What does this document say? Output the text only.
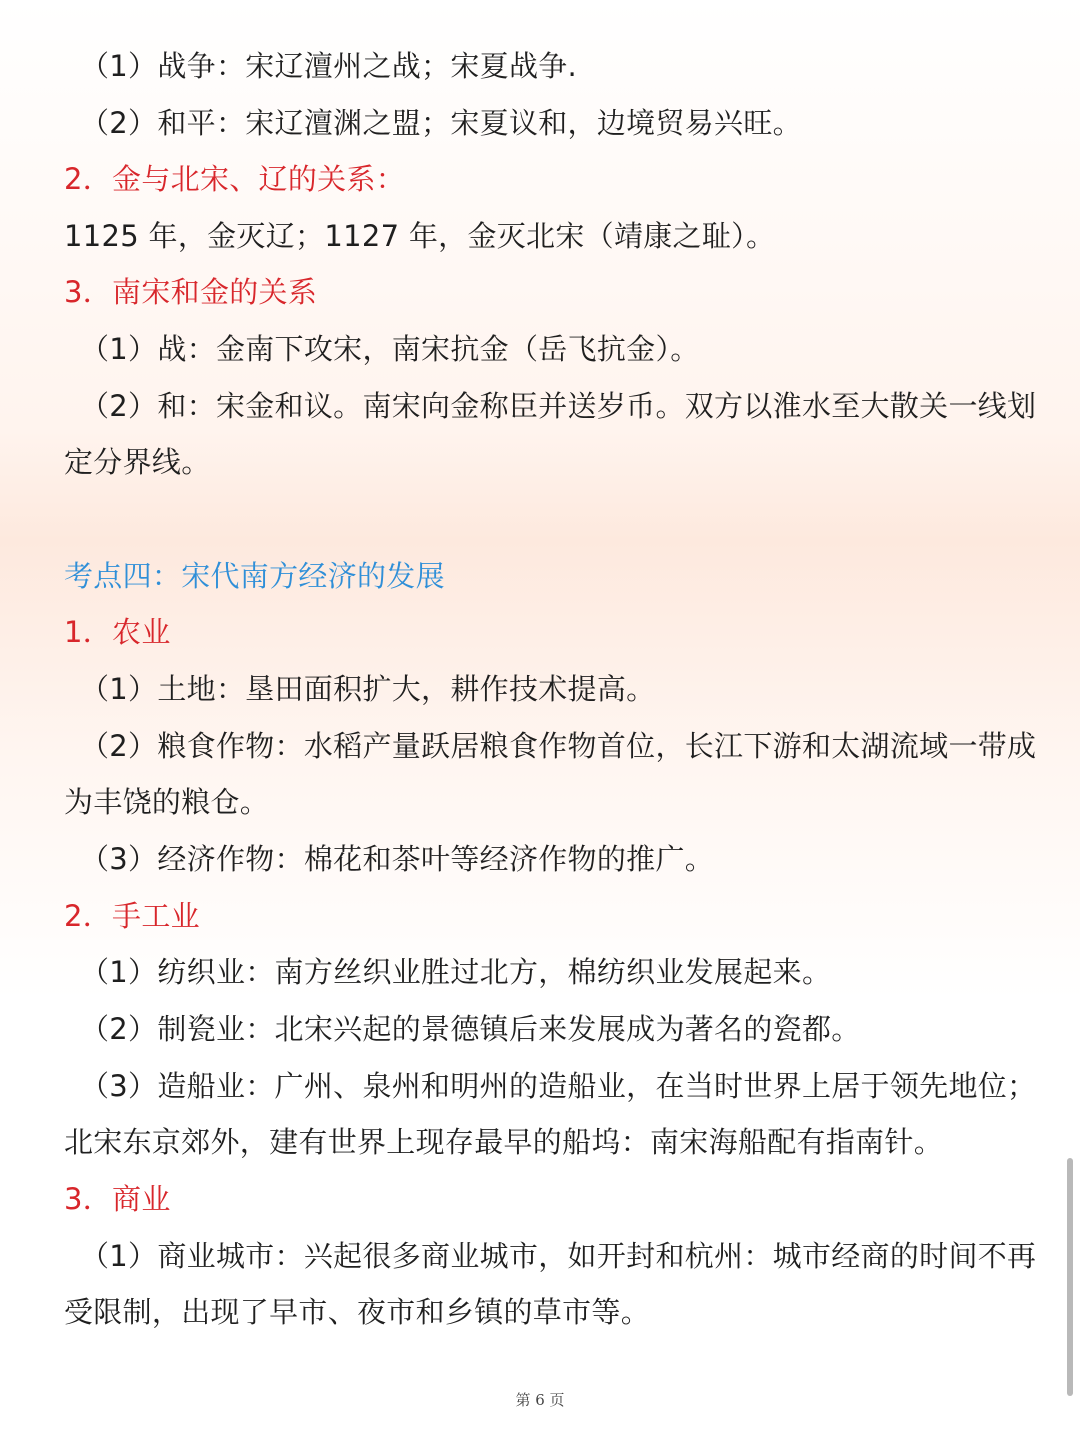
（1）战争：宋辽澶州之战；宋夏战争.
（2）和平：宋辽澶渊之盟；宋夏议和，边境贸易兴旺。
2．金与北宋、辽的关系：
1125 年，金灭辽；1127 年，金灭北宋（靖康之耻）。
3．南宋和金的关系
（1）战：金南下攻宋，南宋抗金（岳飞抗金）。
（2）和：宋金和议。南宋向金称臣并送岁币。双方以淮水至大散关一线划
定分界线。
考点四：宋代南方经济的发展
1．农业
（1）土地：垦田面积扩大，耕作技术提高。
（2）粮食作物：水稻产量跃居粮食作物首位，长江下游和太湖流域一带成
为丰饶的粮仓。
（3）经济作物：棉花和茶叶等经济作物的推广。
2．手工业
（1）纺织业：南方丝织业胜过北方，棉纺织业发展起来。
（2）制瓷业：北宋兴起的景德镇后来发展成为著名的瓷都。
（3）造船业：广州、泉州和明州的造船业，在当时世界上居于领先地位；
北宋东京郊外，建有世界上现存最早的船坞：南宋海船配有指南针。
3．商业
（1）商业城市：兴起很多商业城市，如开封和杭州：城市经商的时间不再
受限制，出现了早市、夜市和乡镇的草市等。
第 6 页
